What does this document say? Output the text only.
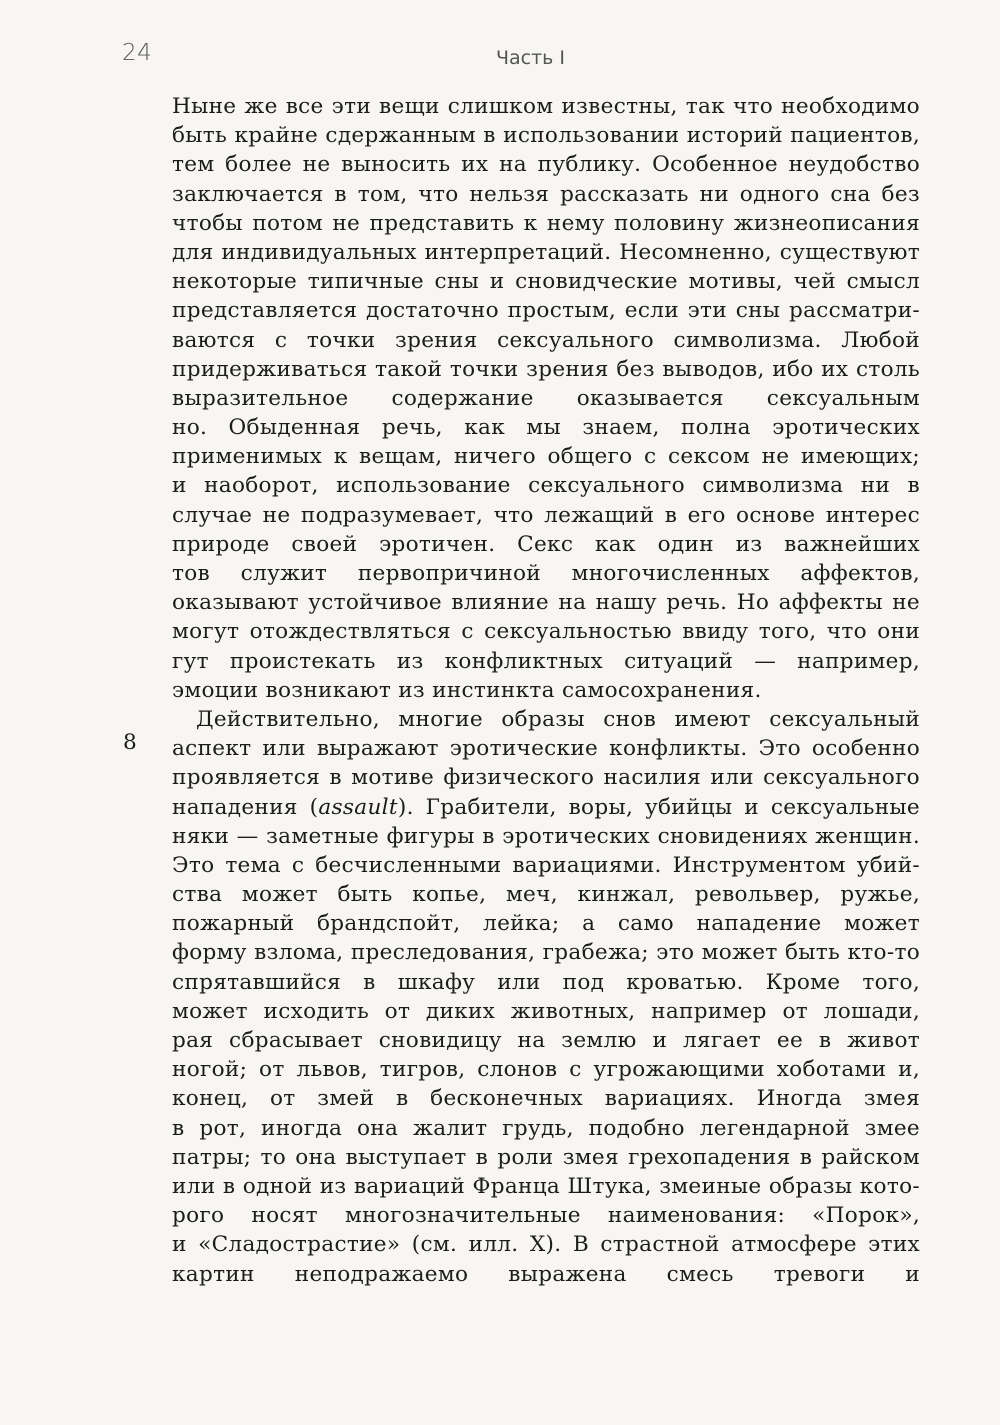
24	Часть I
8
Ныне же все эти вещи слишком известны, так что необходимо
быть крайне сдержанным в использовании историй пациентов,
тем более не выносить их на публику. Особенное неудобство
заключается в том, что нельзя рассказать ни одного сна без
чтобы потом не представить к нему половину жизнеописания
для индивидуальных интерпретаций. Несомненно, существуют
некоторые типичные сны и сновидческие мотивы, чей смысл
представляется достаточно простым, если эти сны рассматри-
ваются с точки зрения сексуального символизма. Любой
придерживаться такой точки зрения без выводов, ибо их столь
выразительное содержание оказывается сексуальным
но. Обыденная речь, как мы знаем, полна эротических
применимых к вещам, ничего общего с сексом не имеющих;
и наоборот, использование сексуального символизма ни в
случае не подразумевает, что лежащий в его основе интерес
природе своей эротичен. Секс как один из важнейших
тов служит первопричиной многочисленных аффектов,
оказывают устойчивое влияние на нашу речь. Но аффекты не
могут отождествляться с сексуальностью ввиду того, что они
гут проистекать из конфликтных ситуаций — например,
эмоции возникают из инстинкта самосохранения.
Действительно, многие образы снов имеют сексуальный
аспект или выражают эротические конфликты. Это особенно
проявляется в мотиве физического насилия или сексуального
нападения (assault). Грабители, воры, убийцы и сексуальные
няки — заметные фигуры в эротических сновидениях женщин.
Это тема с бесчисленными вариациями. Инструментом убий-
ства может быть копье, меч, кинжал, револьвер, ружье,
пожарный брандспойт, лейка; а само нападение может
форму взлома, преследования, грабежа; это может быть кто-то
спрятавшийся в шкафу или под кроватью. Кроме того,
может исходить от диких животных, например от лошади,
рая сбрасывает сновидицу на землю и лягает ее в живот
ногой; от львов, тигров, слонов с угрожающими хоботами и,
конец, от змей в бесконечных вариациях. Иногда змея
в рот, иногда она жалит грудь, подобно легендарной змее
патры; то она выступает в роли змея грехопадения в райском
или в одной из вариаций Франца Штука, змеиные образы кото-
рого носят многозначительные наименования: «Порок»,
и «Сладострастие» (см. илл. X). В страстной атмосфере этих
картин неподражаемо выражена смесь тревоги и
